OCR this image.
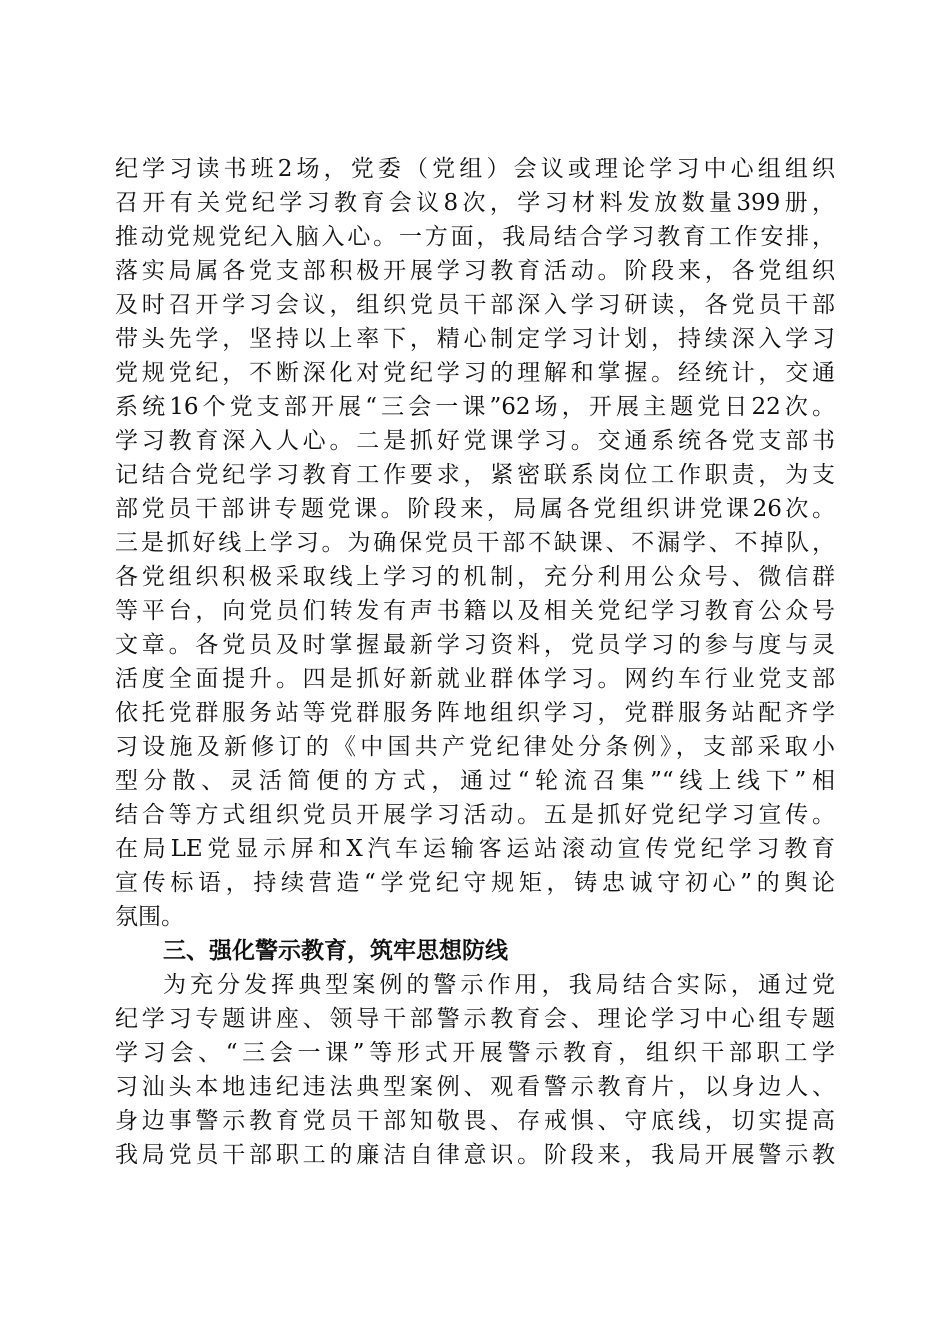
纪学习读书班2场，党委（党组）会议或理论学习中心组组织
召开有关党纪学习教育会议8次，学习材料发放数量399册，
推动党规党纪入脑入心。一方面，我局结合学习教育工作安排，
落实局属各党支部积极开展学习教育活动。阶段来，各党组织
及时召开学习会议，组织党员干部深入学习研读，各党员干部
带头先学，坚持以上率下，精心制定学习计划，持续深入学习
党规党纪，不断深化对党纪学习的理解和掌握。经统计，交通
系统16个党支部开展“三会一课”62场，开展主题党日22次。
学习教育深入人心。二是抓好党课学习。交通系统各党支部书
记结合党纪学习教育工作要求，紧密联系岗位工作职责，为支
部党员干部讲专题党课。阶段来，局属各党组织讲党课26次。
三是抓好线上学习。为确保党员干部不缺课、不漏学、不掉队，
各党组织积极采取线上学习的机制，充分利用公众号、微信群
等平台，向党员们转发有声书籍以及相关党纪学习教育公众号
文章。各党员及时掌握最新学习资料，党员学习的参与度与灵
活度全面提升。四是抓好新就业群体学习。网约车行业党支部
依托党群服务站等党群服务阵地组织学习，党群服务站配齐学
习设施及新修订的《中国共产党纪律处分条例》，支部采取小
型分散、灵活简便的方式，通过“轮流召集”“线上线下”相
结合等方式组织党员开展学习活动。五是抓好党纪学习宣传。
在局LE党显示屏和X汽车运输客运站滚动宣传党纪学习教育
宣传标语，持续营造“学党纪守规矩，铸忠诚守初心”的舆论
氛围。
三、强化警示教育，筑牢思想防线
为充分发挥典型案例的警示作用，我局结合实际，通过党
纪学习专题讲座、领导干部警示教育会、理论学习中心组专题
学习会、“三会一课”等形式开展警示教育，组织干部职工学
习汕头本地违纪违法典型案例、观看警示教育片，以身边人、
身边事警示教育党员干部知敬畏、存戒惧、守底线，切实提高
我局党员干部职工的廉洁自律意识。阶段来，我局开展警示教
